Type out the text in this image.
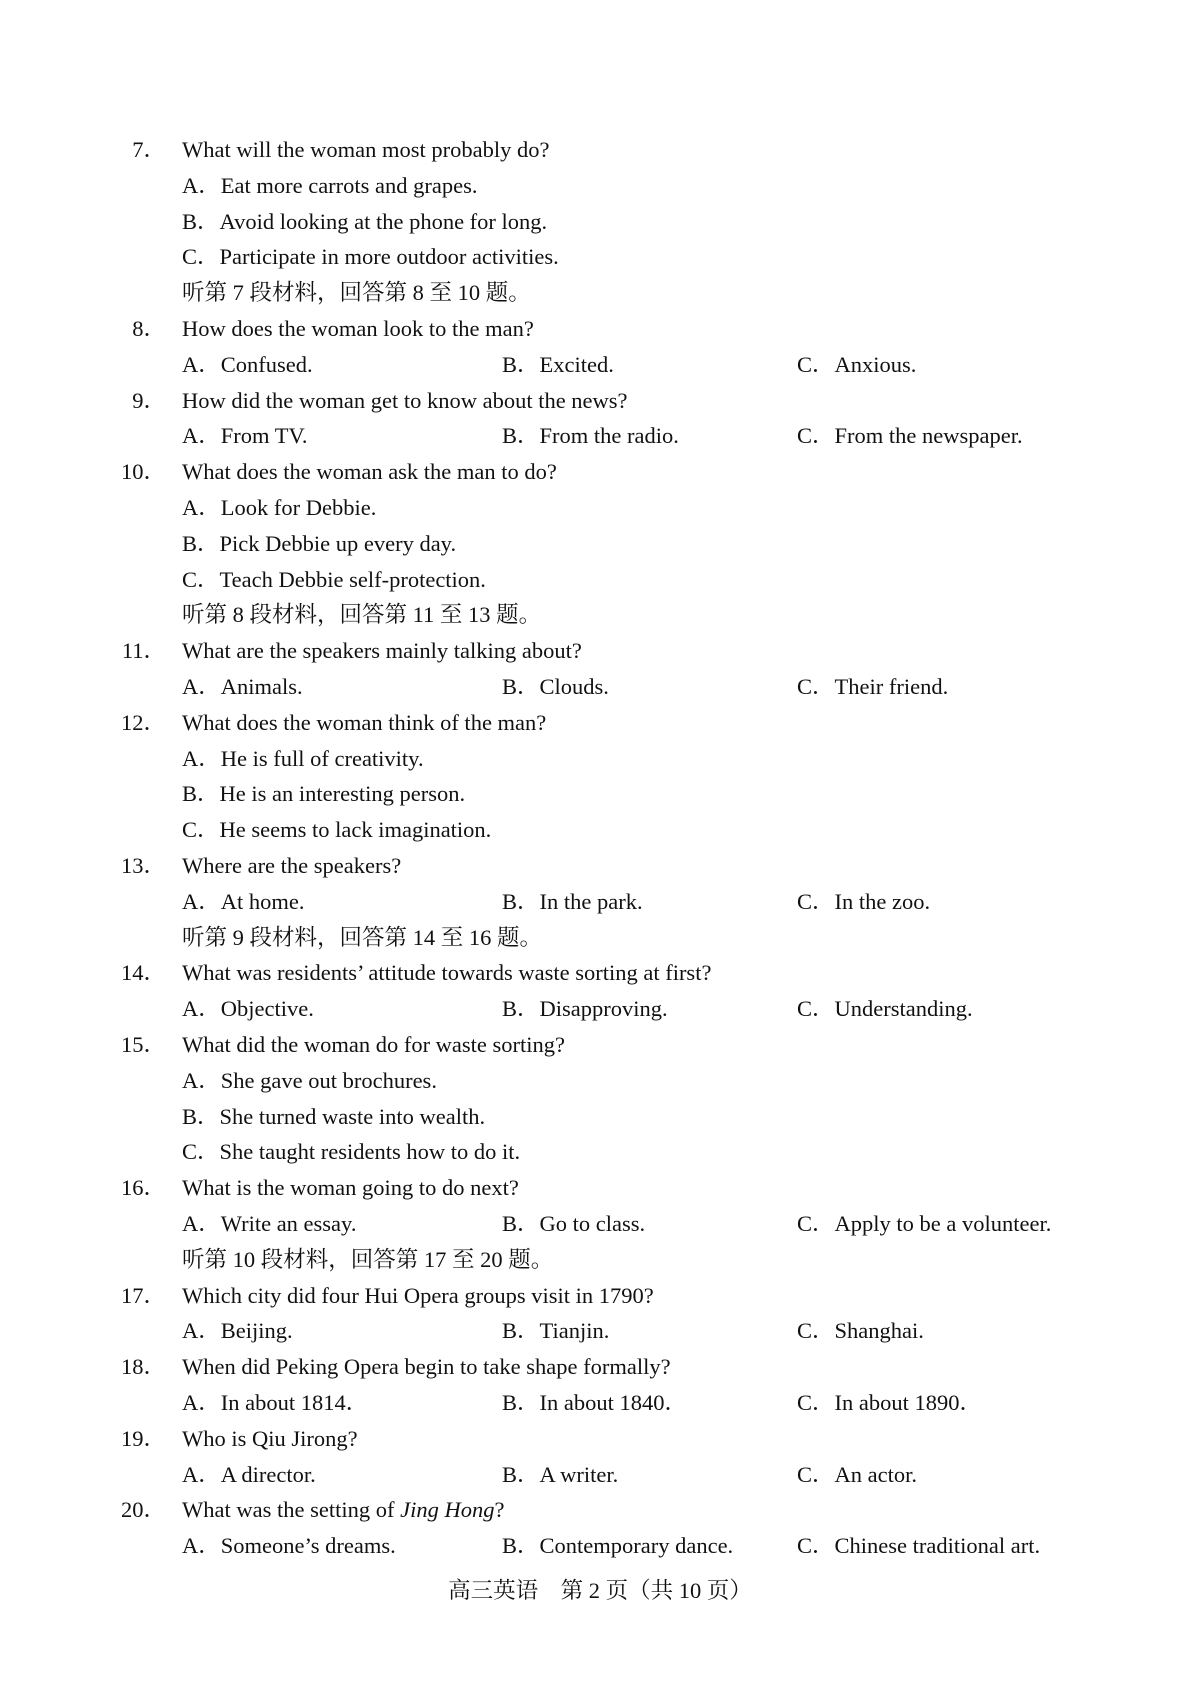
7． What will the woman most probably do?
A．Eat more carrots and grapes.
B．Avoid looking at the phone for long.
C．Participate in more outdoor activities.
听第 7 段材料，回答第 8 至 10 题。
8． How does the woman look to the man?
A．Confused.	B．Excited.	C．Anxious.
9． How did the woman get to know about the news?
A．From TV.	B．From the radio.	C．From the newspaper.
10． What does the woman ask the man to do?
A．Look for Debbie.
B．Pick Debbie up every day.
C．Teach Debbie self-protection.
听第 8 段材料，回答第 11 至 13 题。
11． What are the speakers mainly talking about?
A．Animals.	B．Clouds.	C．Their friend.
12． What does the woman think of the man?
A．He is full of creativity.
B．He is an interesting person.
C．He seems to lack imagination.
13． Where are the speakers?
A．At home.	B．In the park.	C．In the zoo.
听第 9 段材料，回答第 14 至 16 题。
14． What was residents’ attitude towards waste sorting at first?
A．Objective.	B．Disapproving.	C．Understanding.
15． What did the woman do for waste sorting?
A．She gave out brochures.
B．She turned waste into wealth.
C．She taught residents how to do it.
16． What is the woman going to do next?
A．Write an essay.	B．Go to class.	C．Apply to be a volunteer.
听第 10 段材料，回答第 17 至 20 题。
17． Which city did four Hui Opera groups visit in 1790?
A．Beijing.	B．Tianjin.	C．Shanghai.
18． When did Peking Opera begin to take shape formally?
A．In about 1814．	B．In about 1840．	C．In about 1890．
19． Who is Qiu Jirong?
A．A director.	B．A writer.	C．An actor.
20． What was the setting of Jing Hong?
A．Someone’s dreams.	B．Contemporary dance.	C．Chinese traditional art.
高三英语　第 2 页（共 10 页）
